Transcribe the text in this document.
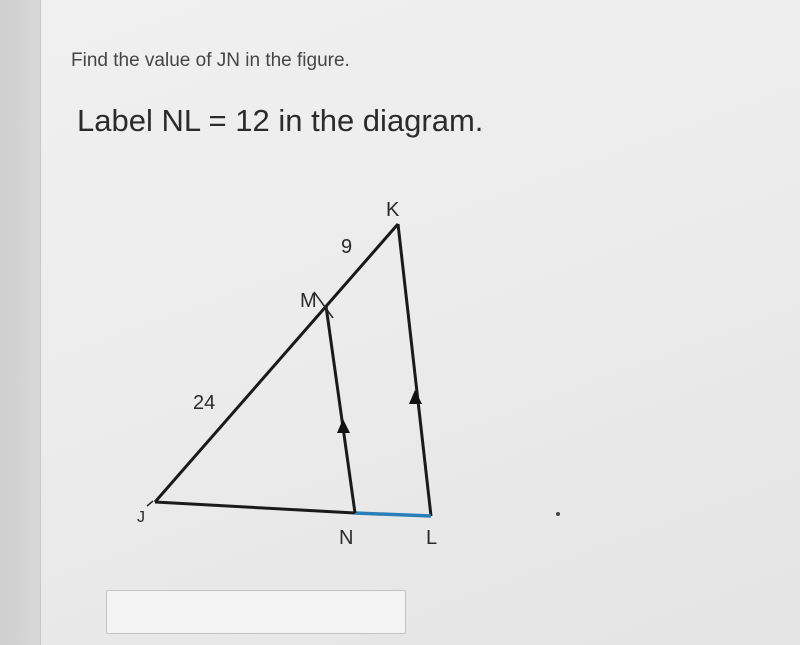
Find the value of JN in the figure.
Label NL = 12 in the diagram.
K
M
J
N	L
9
24
